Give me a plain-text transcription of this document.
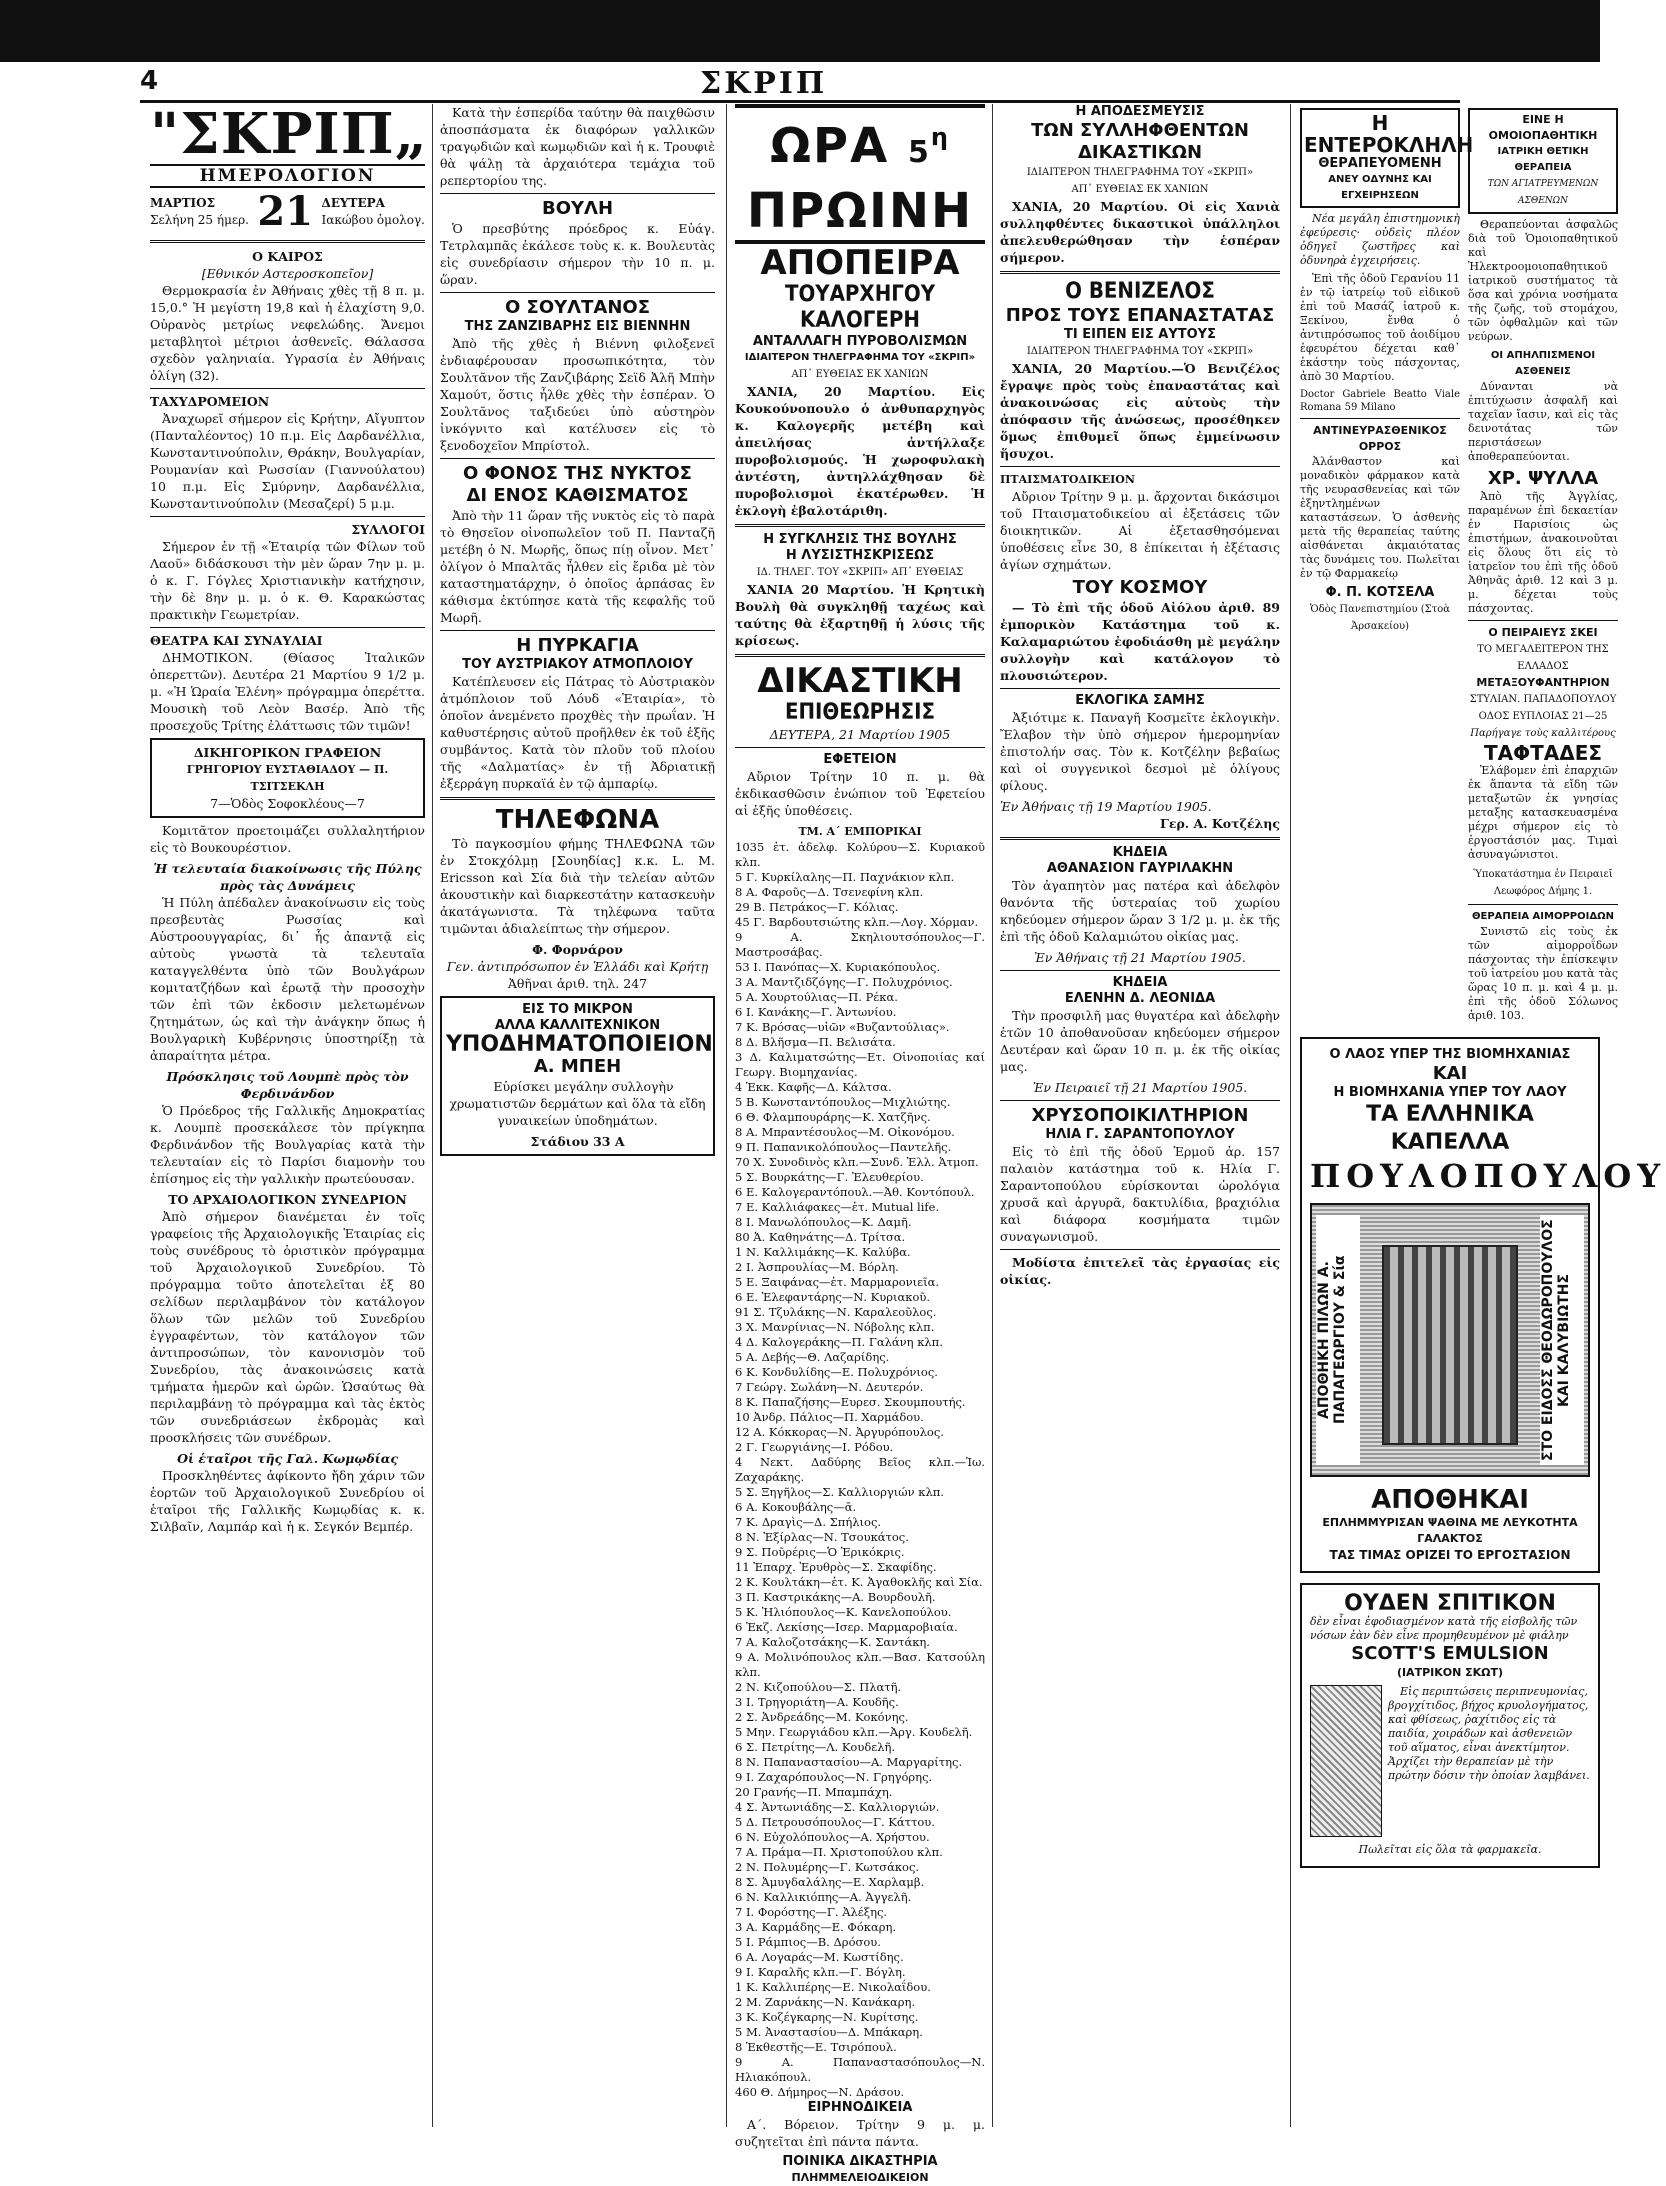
4	ΣΚΡΙΠ
"ΣΚΡΙΠ„
ΗΜΕΡΟΛΟΓΙΟΝ
ΜΑΡΤΙΟΣ
Σελήνη 25 ήμερ. 21 ΔΕΥΤΕΡΑ
Ιακώβου ὁμολογ.
Ο ΚΑΙΡΟΣ
[Εθνικόν Αστεροσκοπεῖον]

Θερμοκρασία ἐν Ἀθήναις χθὲς τῇ 8 π. μ. 15,0.° Ἡ μεγίστη 19,8 καὶ ἡ ἐλαχίστη 9,0. Οὐρανὸς μετρίως νεφελώδης. Ἄνεμοι μεταβλητοὶ μέτριοι ἀσθενεῖς. Θάλασσα σχεδὸν γαληνιαία. Υγρασία ἐν Ἀθήναις ὀλίγη (32).

ΤΑΧΥΔΡΟΜΕΙΟΝ

Ἀναχωρεῖ σήμερον εἰς Κρήτην, Αἴγυπτον (Πανταλέοντος) 10 π.μ. Εἰς Δαρδανέλλια, Κωνσταντινούπολιν, Θράκην, Βουλγαρίαν, Ρουμανίαν καὶ Ρωσσίαν (Γιαννούλατου) 10 π.μ. Εἰς Σμύρνην, Δαρδανέλλια, Κωνσταντινούπολιν (Μεσαζερί) 5 μ.μ.

ΣΥΛΛΟΓΟΙ

Σήμερον ἐν τῇ «Ἑταιρίᾳ τῶν Φίλων τοῦ Λαοῦ» διδάσκουσι τὴν μὲν ὥραν 7ην μ. μ. ὁ κ. Γ. Γόγλες Χριστιανικὴν κατήχησιν, τὴν δὲ 8ην μ. μ. ὁ κ. Θ. Καρακώστας πρακτικὴν Γεωμετρίαν.

ΘΕΑΤΡΑ ΚΑΙ ΣΥΝΑΥΛΙΑΙ

ΔΗΜΟΤΙΚΟΝ. (Θίασος Ἰταλικῶν ὀπερεττῶν). Δευτέρα 21 Μαρτίου 9 1/2 μ. μ. «Ἡ Ὡραία Ἑλένη» πρόγραμμα ὀπερέττα. Μουσικὴ τοῦ Λεὸν Βασέρ. Ἀπὸ τῆς προσεχοῦς Τρίτης ἐλάττωσις τῶν τιμῶν!

ΔΙΚΗΓΟΡΙΚΟΝ ΓΡΑΦΕΙΟΝ
ΓΡΗΓΟΡΙΟΥ ΕΥΣΤΑΘΙΑΔΟΥ — Π. ΤΣΙΤΣΕΚΛΗ
7—Ὁδὸς Σοφοκλέους—7

Κομιτᾶτον προετοιμάζει συλλαλητήριον εἰς τὸ Βουκουρέστιον.

Ἡ τελευταία διακοίνωσις τῆς Πύλης πρὸς τὰς Δυνάμεις

Ἡ Πύλη ἀπέδαλεν ἀνακοίνωσιν εἰς τοὺς πρεσβευτὰς Ρωσσίας καὶ Αὐστροουγγαρίας, δι᾽ ἧς ἀπαντᾷ εἰς αὐτοὺς γνωστὰ τὰ τελευταῖα καταγγελθέντα ὑπὸ τῶν Βουλγάρων κομιτατζήδων καὶ ἐρωτᾷ τὴν προσοχὴν τῶν ἐπὶ τῶν ἐκδοσιν μελετωμένων ζητημάτων, ὡς καὶ τὴν ἀνάγκην ὅπως ἡ Βουλγαρικὴ Κυβέρνησις ὑποστηρίξῃ τὰ ἀπαραίτητα μέτρα.

Πρόσκλησις τοῦ Λουμπὲ πρὸς τὸν Φερδινάνδον

Ὁ Πρόεδρος τῆς Γαλλικῆς Δημοκρατίας κ. Λουμπὲ προσεκάλεσε τὸν πρίγκηπα Φερδινάνδον τῆς Βουλγαρίας κατὰ τὴν τελευταίαν εἰς τὸ Παρίσι διαμονὴν του ἐπίσημος εἰς τὴν γαλλικὴν πρωτεύουσαν.

ΤΟ ΑΡΧΑΙΟΛΟΓΙΚΟΝ ΣΥΝΕΔΡΙΟΝ

Ἀπὸ σήμερον διανέμεται ἐν τοῖς γραφείοις τῆς Ἀρχαιολογικῆς Ἑταιρίας εἰς τοὺς συνέδρους τὸ ὁριστικὸν πρόγραμμα τοῦ Ἀρχαιολογικοῦ Συνεδρίου. Τὸ πρόγραμμα τοῦτο ἀποτελεῖται ἐξ 80 σελίδων περιλαμβάνον τὸν κατάλογον ὅλων τῶν μελῶν τοῦ Συνεδρίου ἐγγραφέντων, τὸν κατάλογον τῶν ἀντιπροσώπων, τὸν κανονισμὸν τοῦ Συνεδρίου, τὰς ἀνακοινώσεις κατὰ τμήματα ἠμερῶν καὶ ὡρῶν. Ὡσαύτως θὰ περιλαμβάνῃ τὸ πρόγραμμα καὶ τὰς ἐκτὸς τῶν συνεδριάσεων ἐκδρομὰς καὶ προσκλήσεις τῶν συνέδρων.

Οἱ ἑταῖροι τῆς Γαλ. Κωμῳδίας

Προσκληθέντες ἀφίκοντο ἤδη χάριν τῶν ἑορτῶν τοῦ Ἀρχαιολογικοῦ Συνεδρίου οἱ ἑταῖροι τῆς Γαλλικῆς Κωμῳδίας κ. κ. Σιλβαῖν, Λαμπάρ καὶ ἡ κ. Σεγκόν Βεμπέρ.

Κατὰ τὴν ἑσπερίδα ταύτην θὰ παιχθῶσιν ἀποσπάσματα ἐκ διαφόρων γαλλικῶν τραγῳδιῶν καὶ κωμῳδιῶν καὶ ἡ κ. Τρουφιὲ θὰ ψάλῃ τὰ ἀρχαιότερα τεμάχια τοῦ ρεπερτορίου της.

ΒΟΥΛΗ

Ὁ πρεσβύτης πρόεδρος κ. Εὐάγ. Τετρλαμπᾶς ἐκάλεσε τοὺς κ. κ. Βουλευτὰς εἰς συνεδρίασιν σήμερον τὴν 10 π. μ. ὥραν.

Ο ΣΟΥΛΤΑΝΟΣ
ΤΗΣ ΖΑΝΖΙΒΑΡΗΣ ΕΙΣ ΒΙΕΝΝΗΝ

Ἀπὸ τῆς χθὲς ἡ Βιέννη φιλοξενεῖ ἐνδιαφέρουσαν προσωπικότητα, τὸν Σουλτᾶνον τῆς Ζανζιβάρης Σεϊδ Ἀλῆ Μπὴν Χαμούτ, ὅστις ἦλθε χθὲς τὴν ἑσπέραν. Ὁ Σουλτᾶνος ταξιδεύει ὑπὸ αὐστηρὸν ἰνκόγνιτο καὶ κατέλυσεν εἰς τὸ ξενοδοχεῖον Μπρίστολ.

Ο ΦΟΝΟΣ ΤΗΣ ΝΥΚΤΟΣ
ΔΙ ΕΝΟΣ ΚΑΘΙΣΜΑΤΟΣ

Ἀπὸ τὴν 11 ὥραν τῆς νυκτὸς εἰς τὸ παρὰ τὸ Θησεῖον οἰνοπωλεῖον τοῦ Π. Πανταζῆ μετέβη ὁ Ν. Μωρῆς, ὅπως πίῃ οἶνον. Μετ᾽ ὀλίγον ὁ Μπαλτᾶς ἦλθεν εἰς ἔριδα μὲ τὸν καταστηματάρχην, ὁ ὁποῖος ἁρπάσας ἓν κάθισμα ἐκτύπησε κατὰ τῆς κεφαλῆς τοῦ Μωρῆ.

Η ΠΥΡΚΑΓΙΑ
ΤΟΥ ΑΥΣΤΡΙΑΚΟΥ ΑΤΜΟΠΛΟΙΟΥ

Κατέπλευσεν εἰς Πάτρας τὸ Αὐστριακὸν ἀτμόπλοιον τοῦ Λόυδ «Ἑταιρία», τὸ ὁποῖον ἀνεμένετο προχθὲς τὴν πρωΐαν. Ἡ καθυστέρησις αὐτοῦ προῆλθεν ἐκ τοῦ ἑξῆς συμβάντος. Κατὰ τὸν πλοῦν τοῦ πλοίου τῆς «Δαλματίας» ἐν τῇ Ἀδριατικῇ ἐξερράγη πυρκαϊά ἐν τῷ ἀμπαρίῳ.

ΤΗΛΕΦΩΝΑ

Τὸ παγκοσμίου φήμης ΤΗΛΕΦΩΝΑ τῶν ἐν Στοκχόλμῃ [Σουηδίας] κ.κ. L. M. Ericsson καὶ Σία διὰ τὴν τελείαν αὐτῶν ἀκουστικὴν καὶ διαρκεστάτην κατασκευὴν ἀκατάγωνιστα. Τὰ τηλέφωνα ταῦτα τιμῶνται ἀδιαλείπτως τὴν σήμερον.

Φ. Φορνάρον
Γεν. ἀντιπρόσωπον ἐν Ἑλλάδι καὶ Κρήτῃ
Ἀθῆναι ἀριθ. τηλ. 247
ΕΙΣ ΤΟ ΜΙΚΡΟΝ
ΑΛΛΑ ΚΑΛΛΙΤΕΧΝΙΚΟΝ
ΥΠΟΔΗΜΑΤΟΠΟΙΕΙΟΝ
Α. ΜΠΕΗ

Εὑρίσκει μεγάλην συλλογὴν χρωματιστῶν δερμάτων καὶ ὅλα τὰ εἴδη γυναικείων ὑποδημάτων.

Στάδιου 33 Α
ΩΡΑ $5^\eta$ ΠΡΩΙΝΗ
ΑΠΟΠΕΙΡΑ
ΤΟΥΑΡΧΗΓΟΥ ΚΑΛΟΓΕΡΗ
ΑΝΤΑΛΛΑΓΗ ΠΥΡΟΒΟΛΙΣΜΩΝ
ΙΔΙΑΙΤΕΡΟΝ ΤΗΛΕΓΡΑΦΗΜΑ ΤΟΥ «ΣΚΡΙΠ»
ΑΠ᾽ ΕΥΘΕΙΑΣ ΕΚ ΧΑΝΙΩΝ

ΧΑΝΙΑ, 20 Μαρτίου. Εἰς Κουκούνοπουλο ὁ ἀνθυπαρχηγὸς κ. Καλογερῆς μετέβη καὶ ἀπειλήσας ἀντήλλαξε πυροβολισμούς. Ἡ χωροφυλακὴ ἀντέστη, ἀντηλλάχθησαν δὲ πυροβολισμοὶ ἑκατέρωθεν. Ἡ ἐκλογὴ ἐβαλοτάριθη.

Η ΣΥΓΚΛΗΣΙΣ ΤΗΣ ΒΟΥΛΗΣ
Η ΛΥΣΙΣΤΗΣΚΡΙΣΕΩΣ
ΙΔ. ΤΗΛΕΓ. ΤΟΥ «ΣΚΡΙΠ» ΑΠ᾽ ΕΥΘΕΙΑΣ

ΧΑΝΙΑ 20 Μαρτίου. Ἡ Κρητικὴ Βουλὴ θὰ συγκληθῇ ταχέως καὶ ταύτης θὰ ἐξαρτηθῇ ἡ λύσις τῆς κρίσεως.

ΔΙΚΑΣΤΙΚΗ
ΕΠΙΘΕΩΡΗΣΙΣ
ΔΕΥΤΕΡΑ, 21 Μαρτίου 1905
ΕΦΕΤΕΙΟΝ

Αὔριον Τρίτην 10 π. μ. θὰ ἐκδικασθῶσιν ἐνώπιον τοῦ Ἐφετείου αἱ ἑξῆς ὑποθέσεις.

ΤΜ. Α΄ ΕΜΠΟΡΙΚΑΙ
1035 ἐτ. ἀδελφ. Κολύρου—Σ. Κυριακοῦ κλπ.
5 Γ. Κυρκίλαλης—Π. Παχνάκιον κλπ.
8 Α. Φαροῦς—Δ. Τσενεφίνη κλπ.
29 Β. Πετράκος—Γ. Κόλιας.
45 Γ. Βαρδουτσιώτης κλπ.—Λογ. Χόρμαν.
9 Α. Σκηλιουτσόπουλος—Γ. Μαστροσάβας.
53 Ι. Πανόπας—Χ. Κυριακόπουλος.
3 Α. Μαντζιδζόγης—Γ. Πολυχρόνιος.
5 Α. Χουρτούλιας—Π. Ρέκα.
6 Ι. Κανάκης—Γ. Ἀντωνίου.
7 Κ. Βρόσας—υἱῶν «Βυζαντούλιας».
8 Δ. Βλῆσμα—Π. Βελισάτα.
3 Δ. Καλιματσώτης—Ετ. Οἰνοποιίας καί Γεωργ. Βιομηχανίας.
4 Ἐκκ. Καφῆς—Δ. Κάλτσα.
5 Β. Κωνσταντόπουλος—Μιχλιώτης.
6 Θ. Φλαμπουράρης—Κ. Χατζῆνς.
8 Α. Μπραντέσουλος—Μ. Οἰκονόμου.
9 Π. Παπανικολόπουλος—Παντελῆς.
70 Χ. Συνοδινὸς κλπ.—Συνδ. Ἑλλ. Ἀτμοπ.
5 Σ. Βουρκάτης—Γ. Ἐλευθερίου.
6 Ε. Καλογεραντόπουλ.—Ἀθ. Κοντόπουλ.
7 Ε. Καλλιάφακες—ἑτ. Mutual life.
8 Ι. Μανωλόπουλος—Κ. Δαμῆ.
80 Ἀ. Καθηνάτης—Δ. Τρίτσα.
1 Ν. Καλλιμάκης—Κ. Καλύβα.
2 Ι. Ἀσπρουλίας—Μ. Βόρλη.
5 Ε. Ξαιφάνας—ἐτ. Μαρμαρονιεῖα.
6 Ε. Ἐλεφαντάρης—Ν. Κυριακοῦ.
91 Σ. Τζυλάκης—Ν. Καραλεοῦλος.
3 Χ. Μανρίνιας—Ν. Νόβολης κλπ.
4 Δ. Καλογεράκης—Π. Γαλάνη κλπ.
5 Α. Δεβής—Θ. Λαζαρίδης.
6 Κ. Κονδυλίδης—Ε. Πολυχρόνιος.
7 Γεώργ. Σωλάνη—Ν. Δευτερόν.
8 Κ. Παπαζήσης—Ευρεσ. Σκουμπουτής.
10 Ἀνδρ. Πάλιος—Π. Χαρμάδου.
12 Α. Κόκκορας—Ν. Ἀργυρόπουλος.
2 Γ. Γεωργιάνης—Ι. Ρόδου.
4 Νεκτ. Δαδύρης Βεῖος κλπ.—Ἰω. Ζαχαράκης.
5 Σ. Ξηγῆλος—Σ. Καλλιοργιών κλπ.
6 Α. Κοκουβάλης—ᾱ.
7 Κ. Δραγὶς—Δ. Σπήλιος.
8 Ν. Ἐξίρλας—Ν. Τσουκάτος.
9 Σ. Ποῦρέρις—Ὁ Ἐρικόκρις.
11 Ἐπαρχ. Ἐρυθρὸς—Σ. Σκαφίδης.
2 Κ. Κουλτάκη—ἑτ. Κ. Ἀγαθοκλῆς καὶ Σία.
3 Π. Καστρικάκης—Α. Βουρδουλῆ.
5 Κ. Ἠλιόπουλος—Κ. Κανελοπούλου.
6 Ἐκζ. Λεκίσης—Ισερ. Μαρμαροβιαία.
7 Α. Καλοζοτσάκης—Κ. Σαντάκη.
9 Α. Μολινόπουλος κλπ.—Βασ. Κατσούλη κλπ.
2 Ν. Κιζοπούλου—Σ. Πλατῆ.
3 Ι. Τρηγοριάτη—Α. Κουδῆς.
2 Σ. Ἀνδρεάδης—Μ. Κοκόνης.
5 Μην. Γεωργιάδου κλπ.—Ἀργ. Κουδελῆ.
6 Σ. Πετρίτης—Λ. Κουδελῆ.
8 Ν. Παπαναστασίου—Α. Μαργαρίτης.
9 Ι. Ζαχαρόπουλος—Ν. Γρηγόρης.
20 Γρανής—Π. Μπαμπάχη.
4 Σ. Ἀντωνιάδης—Σ. Καλλιοργιών.
5 Δ. Πετρουσόπουλος—Γ. Κάττου.
6 Ν. Εὐχολόπουλος—Α. Χρήστου.
7 Α. Πράμα—Π. Χριστοπούλου κλπ.
2 Ν. Πολυμέρης—Γ. Κωτσάκος.
8 Σ. Ἀμυγδαλάλης—Ε. Χαρλαμβ.
6 Ν. Καλλικιόπης—Α. Ἀγγελῆ.
7 Ι. Φορόστης—Γ. Ἀλέξης.
3 Α. Καρμάδης—Ε. Φόκαρη.
5 Ι. Ράμπιος—Β. Δρόσου.
6 Α. Λογαράς—Μ. Κωστίδης.
9 Ι. Καραλῆς κλπ.—Γ. Βόγλη.
1 Κ. Καλλιπέρης—Ε. Νικολαΐδου.
2 Μ. Ζαρνάκης—Ν. Κανάκαρη.
3 Κ. Κοζέγκαρης—Ν. Κυρίτσης.
5 Μ. Ἀναστασίου—Δ. Μπάκαρη.
8 Ἐκθεστῆς—Ε. Τσιρόπουλ.
9 Α. Παπαναστασόπουλος—Ν. Ηλιακόπουλ.
460 Θ. Δήμηρος—Ν. Δράσου.
ΕΙΡΗΝΟΔΙΚΕΙΑ

Α΄. Βόρειον. Τρίτην 9 μ. μ. συζητεῖται ἐπὶ πάντα πάντα.

ΠΟΙΝΙΚΑ ΔΙΚΑΣΤΗΡΙΑ
ΠΛΗΜΜΕΛΕΙΟΔΙΚΕΙΟΝ
Η ΑΠΟΔΕΣΜΕΥΣΙΣ
ΤΩΝ ΣΥΛΛΗΦΘΕΝΤΩΝ
ΔΙΚΑΣΤΙΚΩΝ
ΙΔΙΑΙΤΕΡΟΝ ΤΗΛΕΓΡΑΦΗΜΑ ΤΟΥ «ΣΚΡΙΠ»
ΑΠ᾽ ΕΥΘΕΙΑΣ ΕΚ ΧΑΝΙΩΝ

ΧΑΝΙΑ, 20 Μαρτίου. Οἱ εἰς Χανιὰ συλληφθέντες δικαστικοὶ ὑπάλληλοι ἀπελευθερώθησαν τὴν ἑσπέραν σήμερον.

Ο ΒΕΝΙΖΕΛΟΣ
ΠΡΟΣ ΤΟΥΣ ΕΠΑΝΑΣΤΑΤΑΣ
ΤΙ ΕΙΠΕΝ ΕΙΣ ΑΥΤΟΥΣ
ΙΔΙΑΙΤΕΡΟΝ ΤΗΛΕΓΡΑΦΗΜΑ ΤΟΥ «ΣΚΡΙΠ»

ΧΑΝΙΑ, 20 Μαρτίου.—Ὁ Βενιζέλος ἔγραψε πρὸς τοὺς ἐπαναστάτας καὶ ἀνακοινώσας εἰς αὐτοὺς τὴν ἀπόφασιν τῆς ἀνώσεως, προσέθηκεν ὅμως ἐπιθυμεῖ ὅπως ἐμμείνωσιν ἥσυχοι.

ΠΤΑΙΣΜΑΤΟΔΙΚΕΙΟΝ

Αὔριον Τρίτην 9 μ. μ. ἄρχονται δικάσιμοι τοῦ Πταισματοδικείου αἱ ἑξετάσεις τῶν διοικητικῶν. Αἱ ἐξετασθησόμεναι ὑποθέσεις εἶνε 30, 8 ἐπίκειται ἡ ἐξέτασις ἀγίων σχημάτων.

ΤΟΥ ΚΟΣΜΟΥ

— Τὸ ἐπὶ τῆς ὁδοῦ Αἰόλου ἀριθ. 89 ἐμπορικὸν Κατάστημα τοῦ κ. Καλαμαριώτου ἐφοδιάσθη μὲ μεγάλην συλλογὴν καὶ κατάλογον τὸ πλουσιώτερον.

ΕΚΛΟΓΙΚΑ ΣΑΜΗΣ

Ἀξιότιμε κ. Παναγῆ Κοσμεῖτε ἐκλογικὴν. Ἔλαβον τὴν ὑπὸ σήμερον ἡμερομηνίαν ἐπιστολήν σας. Τὸν κ. Κοτζέλην βεβαίως καὶ οἱ συγγενικοὶ δεσμοὶ μὲ ὁλίγους φίλους.

Ἐν Ἀθήναις τῇ 19 Μαρτίου 1905.
Γερ. Α. Κοτζέλης
ΚΗΔΕΙΑ
ΑΘΑΝΑΣΙΟΝ ΓΑΥΡΙΛΑΚΗΝ

Τὸν ἀγαπητὸν μας πατέρα καὶ ἀδελφὸν θανόντα τῆς ὑστεραίας τοῦ χωρίου κηδεύομεν σήμερον ὥραν 3 1/2 μ. μ. ἐκ τῆς ἐπὶ τῆς ὁδοῦ Καλαμιώτου οἰκίας μας.

Ἐν Ἀθήναις τῇ 21 Μαρτίου 1905.
ΚΗΔΕΙΑ
ΕΛΕΝΗΝ Δ. ΛΕΟΝΙΔΑ

Τὴν προσφιλῆ μας θυγατέρα καὶ ἀδελφὴν ἐτῶν 10 ἀποθανοῦσαν κηδεύομεν σήμερον Δευτέραν καὶ ὥραν 10 π. μ. ἐκ τῆς οἰκίας μας.

Ἐν Πειραιεῖ τῇ 21 Μαρτίου 1905.
ΧΡΥΣΟΠΟΙΚΙΛΤΗΡΙΟΝ
ΗΛΙΑ Γ. ΣΑΡΑΝΤΟΠΟΥΛΟΥ

Εἰς τὸ ἐπὶ τῆς ὁδοῦ Ἑρμοῦ ἀρ. 157 παλαιὸν κατάστημα τοῦ κ. Ηλία Γ. Σαραντοπούλου εὑρίσκονται ὡρολόγια χρυσᾶ καὶ ἀργυρᾶ, δακτυλίδια, βραχιόλια καὶ διάφορα κοσμήματα τιμῶν συναγωνισμοῦ.

Μοδίστα ἐπιτελεῖ τὰς ἐργασίας εἰς οἰκίας.

Η ΕΝΤΕΡΟΚΛΗΛΗ
ΘΕΡΑΠΕΥΟΜΕΝΗ
ΑΝΕΥ ΟΔΥΝΗΣ ΚΑΙ ΕΓΧΕΙΡΗΣΕΩΝ

Νέα μεγάλη ἐπιστημονικὴ ἐφεύρεσις· οὐδεὶς πλέον ὀδηγεῖ ζωστῆρες καὶ ὀδυνηρὰ ἐγχειρήσεις.

Ἐπὶ τῆς ὁδοῦ Γερανίου 11 ἐν τῷ ἰατρείῳ τοῦ εἰδικοῦ ἐπὶ τοῦ Μασάζ ἰατροῦ κ. Ξεκίνου, ἔνθα ὁ ἀντιπρόσωπος τοῦ ἀοιδίμου ἐφευρέτου δέχεται καθ᾽ ἑκάστην τοὺς πάσχοντας, ἀπὸ 30 Μαρτίου.

Doctor Gabriele Beatto Viale Romana 59 Milano
ΑΝΤΙΝΕΥΡΑΣΘΕΝΙΚΟΣ ΟΡΡΟΣ

Ἀλάνθαστον καὶ μοναδικὸν φάρμακον κατὰ τῆς νευρασθενείας καὶ τῶν ἐξηντλημένων καταστάσεων. Ὁ ἀσθενὴς μετὰ τῆς θεραπείας ταύτης αἰσθάνεται ἀκμαιότατας τὰς δυνάμεις του. Πωλεῖται ἐν τῷ Φαρμακείῳ

Φ. Π. ΚΟΤΣΕΛΑ
Ὁδὸς Πανεπιστημίου (Στοὰ Ἀρσακείου)
ΕΙΝΕ Η ΟΜΟΙΟΠΑΘΗΤΙΚΗ
ΙΑΤΡΙΚΗ ΘΕΤΙΚΗ ΘΕΡΑΠΕΙΑ
ΤΩΝ ΑΓΙΑΤΡΕΥΜΕΝΩΝ ΑΣΘΕΝΩΝ

Θεραπεύονται ἀσφαλῶς διὰ τοῦ Ὁμοιοπαθητικοῦ καὶ Ἠλεκτροομοιοπαθητικοῦ ἰατρικοῦ συστήματος τὰ ὅσα καὶ χρόνια νοσήματα τῆς ζωῆς, τοῦ στομάχου, τῶν ὀφθαλμῶν καὶ τῶν νεύρων.

ΟΙ ΑΠΗΛΠΙΣΜΕΝΟΙ ΑΣΘΕΝΕΙΣ

Δύνανται νὰ ἐπιτύχωσιν ἀσφαλῆ καὶ ταχεῖαν ἴασιν, καὶ εἰς τὰς δεινοτάτας τῶν περιστάσεων ἀποθεραπεύονται.

ΧΡ. ΨΥΛΛΑ

Ἀπὸ τῆς Ἀγγλίας, παραμένων ἐπὶ δεκαετίαν ἐν Παρισίοις ὡς ἐπιστήμων, ἀνακοινοῦται εἰς ὅλους ὅτι εἰς τὸ ἰατρεῖον του ἐπὶ τῆς ὁδοῦ Ἀθηνᾶς ἀριθ. 12 καὶ 3 μ. μ. δέχεται τοὺς πάσχοντας.

Ο ΠΕΙΡΑΙΕΥΣ ΣΚΕΙ
ΤΟ ΜΕΓΑΛΕΙΤΕΡΟΝ ΤΗΣ ΕΛΛΑΔΟΣ
ΜΕΤΑΞΟΥΦΑΝΤΗΡΙΟΝ
ΣΤΥΛΙΑΝ. ΠΑΠΑΔΟΠΟΥΛΟΥ
ΟΔΟΣ ΕΥΠΛΟΙΑΣ 21—25
Παρήγαγε τοὺς καλλιτέρους
ΤΑΦΤΑΔΕΣ

Ἐλάβομεν ἐπὶ ἐπαρχιῶν ἐκ ἅπαντα τὰ εἴδη τῶν μεταξωτῶν ἐκ γνησίας μεταξης κατασκευασμένα μέχρι σήμερον εἰς τὸ ἐργοστάσιόν μας. Τιμαὶ ἀσυναγώνιστοι.

Ὑποκατάστημα ἐν Πειραιεῖ Λεωφόρος Δήμης 1.
ΘΕΡΑΠΕΙΑ ΑΙΜΟΡΡΟΙΔΩΝ

Συνιστῶ εἰς τοὺς ἐκ τῶν αἱμορροΐδων πάσχοντας τὴν ἐπίσκεψιν τοῦ ἰατρείου μου κατὰ τὰς ὥρας 10 π. μ. καὶ 4 μ. μ. ἐπὶ τῆς ὁδοῦ Σόλωνος ἀριθ. 103.

Ο ΛΑΟΣ ΥΠΕΡ ΤΗΣ ΒΙΟΜΗΧΑΝΙΑΣ
ΚΑΙ
Η ΒΙΟΜΗΧΑΝΙΑ ΥΠΕΡ ΤΟΥ ΛΑΟΥ
ΤΑ ΕΛΛΗΝΙΚΑ ΚΑΠΕΛΛΑ
ΠΟΥΛΟΠΟΥΛΟΥ
ΑΠΟΘΗΚΗ ΠΙΛΩΝ Α. ΠΑΠΑΓΕΩΡΓΙΟΥ & Σία	ΣΤΟ ΕΙΔΟΣΣ ΘΕΟΔΩΡΟΠΟΥΛΟΣ ΚΑΙ ΚΑΛΥΒΙΩΤΗΣ
ΑΠΟΘΗΚΑΙ
ΕΠΛΗΜΜΥΡΙΣΑΝ ΨΑΘΙΝΑ ΜΕ ΛΕΥΚΟΤΗΤΑ ΓΑΛΑΚΤΟΣ
ΤΑΣ ΤΙΜΑΣ ΟΡΙΖΕΙ ΤΟ ΕΡΓΟΣΤΑΣΙΟΝ
ΟΥΔΕΝ ΣΠΙΤΙΚΟΝ
δὲν εἶναι ἐφοδιασμένον κατὰ τῆς εἰσβολῆς τῶν νόσων ἐὰν δὲν εἶνε προμηθευμένον μὲ φιάλην
SCOTT'S EMULSION
(ΙΑΤΡΙΚΟΝ ΣΚΩΤ)

Εἰς περιπτώσεις περιπνευμονίας, βρογχίτιδος, βήχος κρυολογήματος, καὶ φθίσεως, ῥαχίτιδος εἰς τὰ παιδία, χοιράδων καὶ ἀσθενειῶν τοῦ αἵματος, εἶναι ἀνεκτίμητον. Ἀρχίζει τὴν θεραπείαν μὲ τὴν πρώτην δόσιν τὴν ὁποίαν λαμβάνει.

Πωλεῖται εἰς ὅλα τὰ φαρμακεῖα.
